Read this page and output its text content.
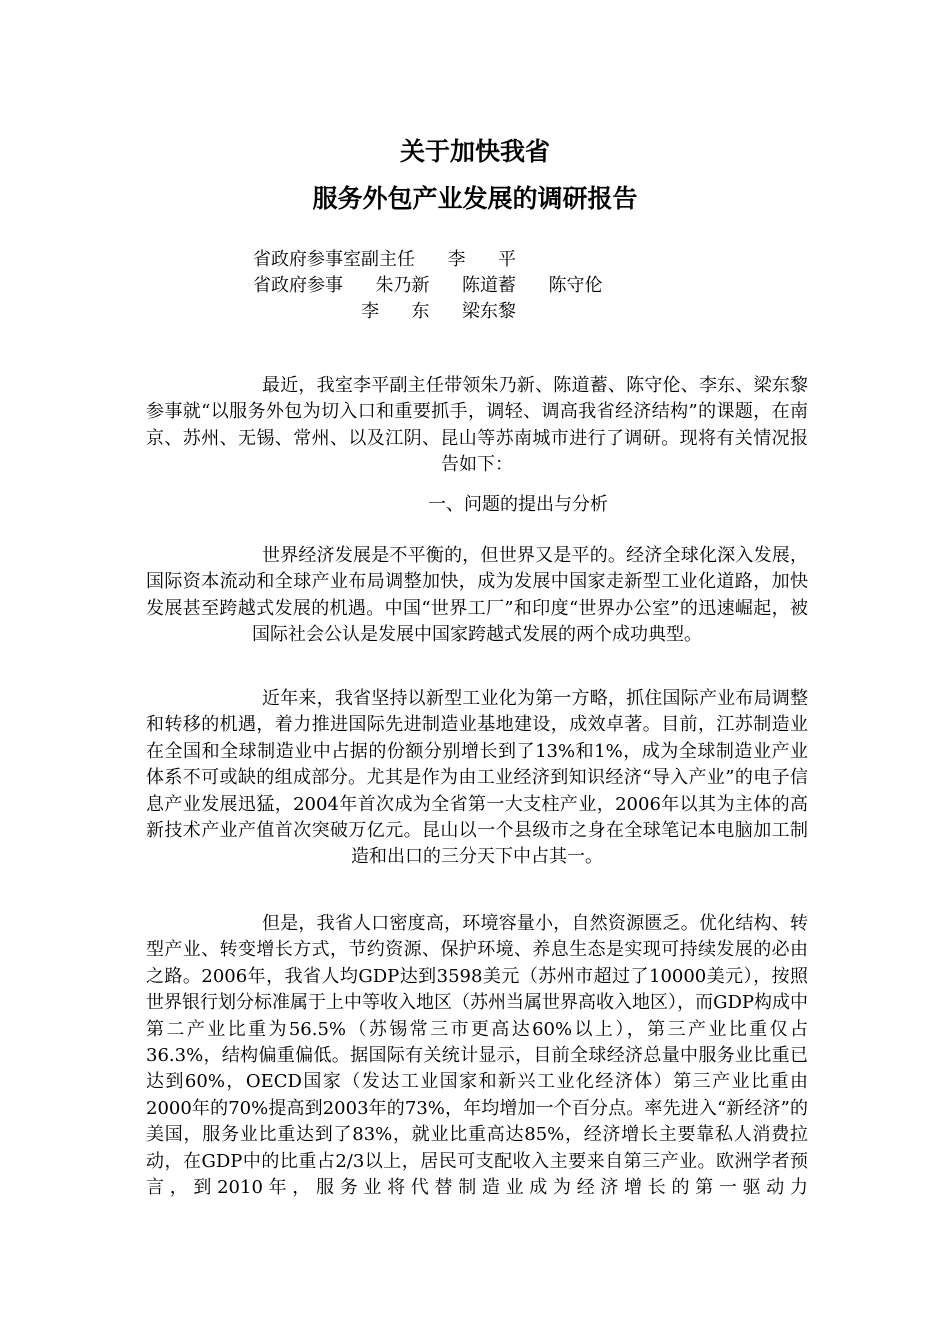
关于加快我省
服务外包产业发展的调研报告
省政府参事室副主任   李   平
省政府参事   朱乃新   陈道蓄   陈守伦
李   东   梁东黎

最近，我室李平副主任带领朱乃新、陈道蓄、陈守伦、李东、梁东黎参事就“以服务外包为切入口和重要抓手，调轻、调高我省经济结构”的课题，在南京、苏州、无锡、常州、以及江阴、昆山等苏南城市进行了调研。现将有关情况报告如下：

一、问题的提出与分析

世界经济发展是不平衡的，但世界又是平的。经济全球化深入发展，国际资本流动和全球产业布局调整加快，成为发展中国家走新型工业化道路，加快发展甚至跨越式发展的机遇。中国“世界工厂”和印度“世界办公室”的迅速崛起，被国际社会公认是发展中国家跨越式发展的两个成功典型。

近年来，我省坚持以新型工业化为第一方略，抓住国际产业布局调整和转移的机遇，着力推进国际先进制造业基地建设，成效卓著。目前，江苏制造业在全国和全球制造业中占据的份额分别增长到了13%和1%，成为全球制造业产业体系不可或缺的组成部分。尤其是作为由工业经济到知识经济“导入产业”的电子信息产业发展迅猛，2004年首次成为全省第一大支柱产业，2006年以其为主体的高新技术产业产值首次突破万亿元。昆山以一个县级市之身在全球笔记本电脑加工制造和出口的三分天下中占其一。

但是，我省人口密度高，环境容量小，自然资源匮乏。优化结构、转型产业、转变增长方式，节约资源、保护环境、养息生态是实现可持续发展的必由之路。2006年，我省人均GDP达到3598美元（苏州市超过了10000美元），按照世界银行划分标准属于上中等收入地区（苏州当属世界高收入地区），而GDP构成中第二产业比重为56.5%（苏锡常三市更高达60%以上），第三产业比重仅占36.3%，结构偏重偏低。据国际有关统计显示，目前全球经济总量中服务业比重已达到60%，OECD国家（发达工业国家和新兴工业化经济体）第三产业比重由2000年的70%提高到2003年的73%，年均增加一个百分点。率先进入“新经济”的美国，服务业比重达到了83%，就业比重高达85%，经济增长主要靠私人消费拉动，在GDP中的比重占2/3以上，居民可支配收入主要来自第三产业。欧洲学者预言，到2010年，服务业将代替制造业成为经济增长的第一驱动力
